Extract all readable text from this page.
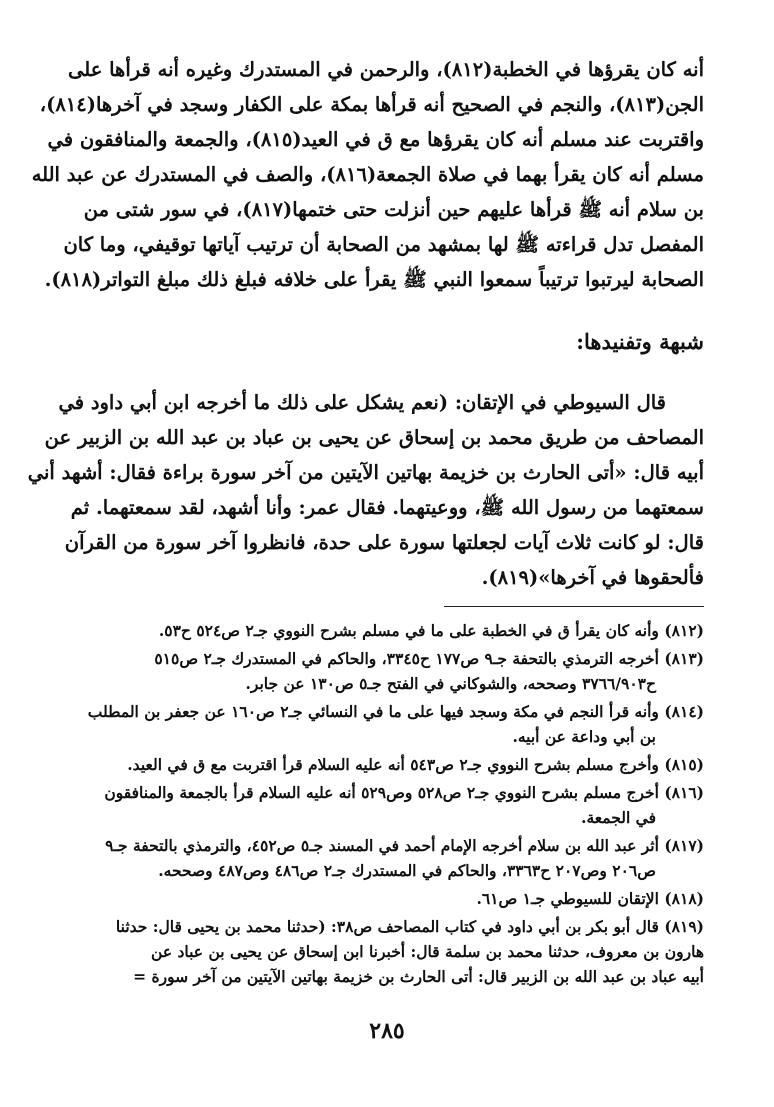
أنه كان يقرؤها في الخطبة(٨١٢)، والرحمن في المستدرك وغيره أنه قرأها على
الجن(٨١٣)، والنجم في الصحيح أنه قرأها بمكة على الكفار وسجد في آخرها(٨١٤)،
واقتربت عند مسلم أنه كان يقرؤها مع ق في العيد(٨١٥)، والجمعة والمنافقون في
مسلم أنه كان يقرأ بهما في صلاة الجمعة(٨١٦)، والصف في المستدرك عن عبد الله
بن سلام أنه ﷺ قرأها عليهم حين أنزلت حتى ختمها(٨١٧)، في سور شتى من
المفصل تدل قراءته ﷺ لها بمشهد من الصحابة أن ترتيب آياتها توقيفي، وما كان
الصحابة ليرتبوا ترتيباً سمعوا النبي ﷺ يقرأ على خلافه فبلغ ذلك مبلغ التواتر(٨١٨).
شبهة وتفنيدها:
قال السيوطي في الإتقان: (نعم يشكل على ذلك ما أخرجه ابن أبي داود في
المصاحف من طريق محمد بن إسحاق عن يحيى بن عباد بن عبد الله بن الزبير عن
أبيه قال: «أتى الحارث بن خزيمة بهاتين الآيتين من آخر سورة براءة فقال: أشهد أني
سمعتهما من رسول الله ﷺ، ووعيتهما. فقال عمر: وأنا أشهد، لقد سمعتهما. ثم
قال: لو كانت ثلاث آيات لجعلتها سورة على حدة، فانظروا آخر سورة من القرآن
فألحقوها في آخرها»(٨١٩).
(٨١٢) وأنه كان يقرأ ق في الخطبة على ما في مسلم بشرح النووي جـ٢ ص٥٢٤ ح٥٣.
(٨١٣) أخرجه الترمذي بالتحفة جـ٩ ص١٧٧ ح٣٣٤٥، والحاكم في المستدرك جـ٢ ص٥١٥
ح٣٧٦٦/٩٠٣ وصححه، والشوكاني في الفتح جـ٥ ص١٣٠ عن جابر.
(٨١٤) وأنه قرأ النجم في مكة وسجد فيها على ما في النسائي جـ٢ ص١٦٠ عن جعفر بن المطلب
بن أبي وداعة عن أبيه.
(٨١٥) وأخرج مسلم بشرح النووي جـ٢ ص٥٤٣ أنه عليه السلام قرأ اقتربت مع ق في العيد.
(٨١٦) أخرج مسلم بشرح النووي جـ٢ ص٥٢٨ وص٥٢٩ أنه عليه السلام قرأ بالجمعة والمنافقون
في الجمعة.
(٨١٧) أثر عبد الله بن سلام أخرجه الإمام أحمد في المسند جـ٥ ص٤٥٢، والترمذي بالتحفة جـ٩
ص٢٠٦ وص٢٠٧ ح٣٣٦٣، والحاكم في المستدرك جـ٢ ص٤٨٦ وص٤٨٧ وصححه.
(٨١٨) الإتقان للسيوطي جـ١ ص٦١.
(٨١٩) قال أبو بكر بن أبي داود في كتاب المصاحف ص٣٨: (حدثنا محمد بن يحيى قال: حدثنا
هارون بن معروف، حدثنا محمد بن سلمة قال: أخبرنا ابن إسحاق عن يحيى بن عباد عن
أبيه عباد بن عبد الله بن الزبير قال: أتى الحارث بن خزيمة بهاتين الآيتين من آخر سورة =
٢٨٥
